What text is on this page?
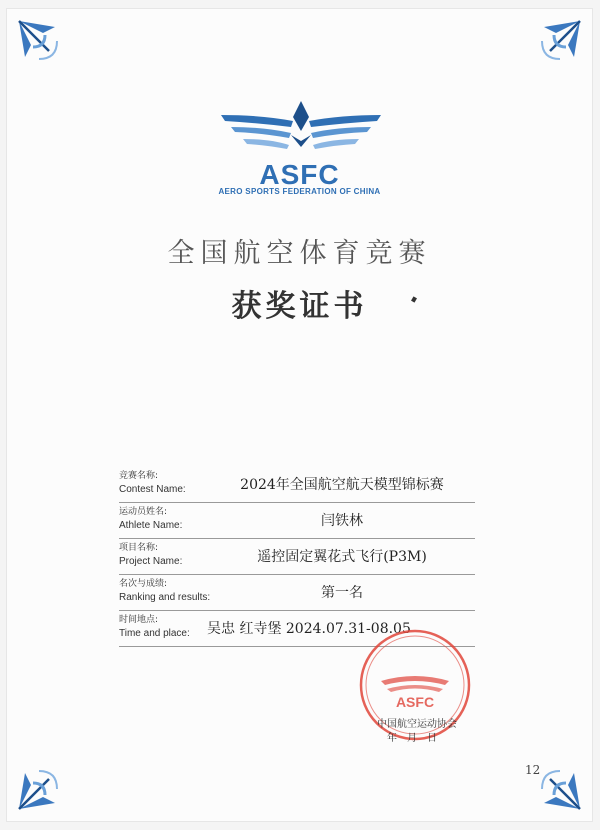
ASFC
AERO SPORTS FEDERATION OF CHINA
全国航空体育竞赛
获奖证书
竞赛名称:
Contest Name:	2024年全国航空航天模型锦标赛
运动员姓名:
Athlete Name:	闫铁林
项目名称:
Project Name:	遥控固定翼花式飞行(P3M)
名次与成绩:
Ranking and results:	第一名
时间地点:
Time and place: 吴忠 红寺堡 2024.07.31-08.05
ASFC
中国航空运动协会
年月日
12
